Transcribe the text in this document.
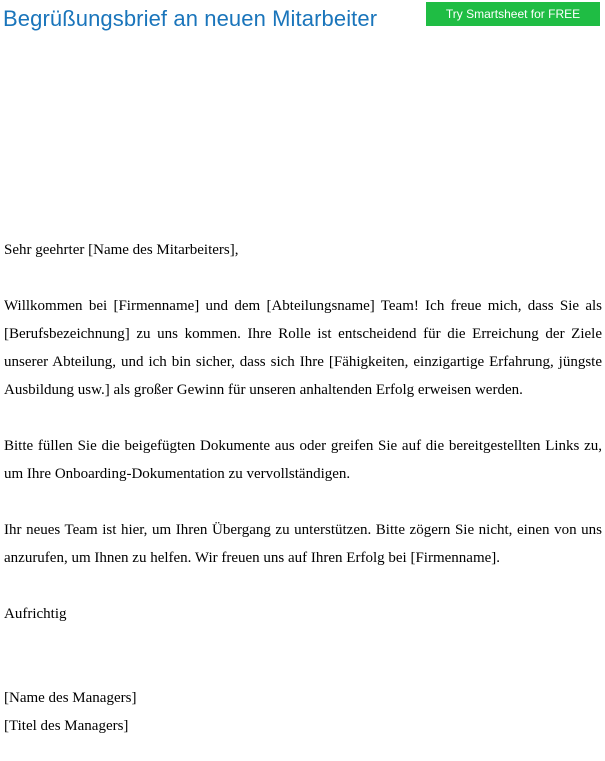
Begrüßungsbrief an neuen Mitarbeiter	Try Smartsheet for FREE

Sehr geehrter [Name des Mitarbeiters],

Willkommen bei [Firmenname] und dem [Abteilungsname] Team! Ich freue mich, dass Sie als [Berufsbezeichnung] zu uns kommen. Ihre Rolle ist entscheidend für die Erreichung der Ziele unserer Abteilung, und ich bin sicher, dass sich Ihre [Fähigkeiten, einzigartige Erfahrung, jüngste Ausbildung usw.] als großer Gewinn für unseren anhaltenden Erfolg erweisen werden.

Bitte füllen Sie die beigefügten Dokumente aus oder greifen Sie auf die bereitgestellten Links zu, um Ihre Onboarding-Dokumentation zu vervollständigen.

Ihr neues Team ist hier, um Ihren Übergang zu unterstützen. Bitte zögern Sie nicht, einen von uns anzurufen, um Ihnen zu helfen. Wir freuen uns auf Ihren Erfolg bei [Firmenname].

Aufrichtig

[Name des Managers]

[Titel des Managers]
